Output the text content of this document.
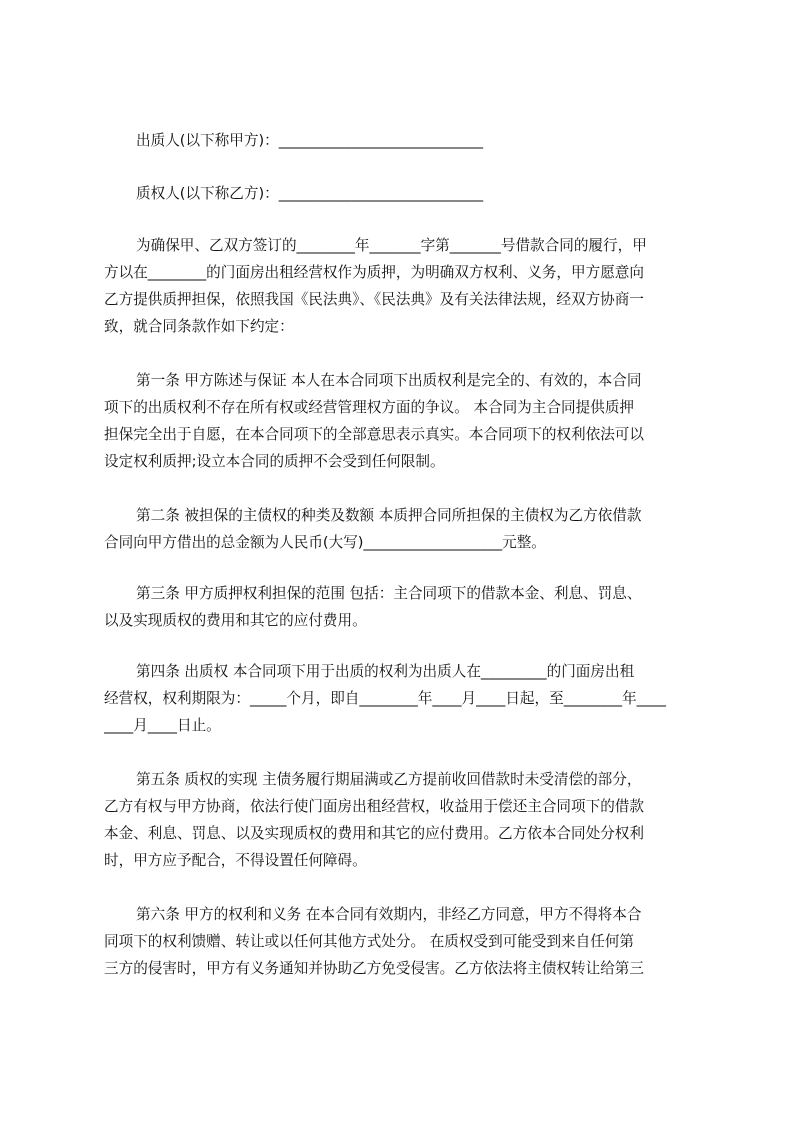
出质人(以下称甲方)：____________________________
质权人(以下称乙方)：____________________________
为确保甲、乙双方签订的________年_______字第_______号借款合同的履行，甲
方以在________的门面房出租经营权作为质押，为明确双方权利、义务，甲方愿意向
乙方提供质押担保，依照我国《民法典》、《民法典》及有关法律法规，经双方协商一
致，就合同条款作如下约定：
第一条 甲方陈述与保证 本人在本合同项下出质权利是完全的、有效的，本合同
项下的出质权利不存在所有权或经营管理权方面的争议。 本合同为主合同提供质押
担保完全出于自愿，在本合同项下的全部意思表示真实。本合同项下的权利依法可以
设定权利质押;设立本合同的质押不会受到任何限制。
第二条 被担保的主债权的种类及数额 本质押合同所担保的主债权为乙方依借款
合同向甲方借出的总金额为人民币(大写)___________________元整。
第三条 甲方质押权利担保的范围 包括：主合同项下的借款本金、利息、罚息、
以及实现质权的费用和其它的应付费用。
第四条 出质权 本合同项下用于出质的权利为出质人在_________的门面房出租
经营权，权利期限为：_____个月，即自________年____月____日起，至________年____
____月____日止。
第五条 质权的实现 主债务履行期届满或乙方提前收回借款时未受清偿的部分，
乙方有权与甲方协商，依法行使门面房出租经营权，收益用于偿还主合同项下的借款
本金、利息、罚息、以及实现质权的费用和其它的应付费用。乙方依本合同处分权利
时，甲方应予配合，不得设置任何障碍。
第六条 甲方的权利和义务 在本合同有效期内，非经乙方同意，甲方不得将本合
同项下的权利馈赠、转让或以任何其他方式处分。 在质权受到可能受到来自任何第
三方的侵害时，甲方有义务通知并协助乙方免受侵害。乙方依法将主债权转让给第三
